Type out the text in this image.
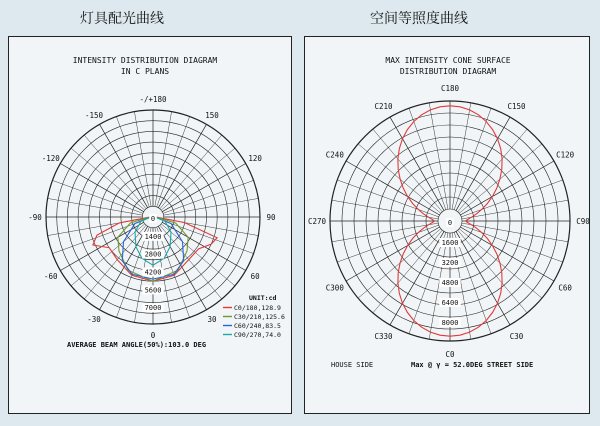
灯具配光曲线	空间等照度曲线
INTENSITY DISTRIBUTION DIAGRAM
IN C PLANS
-/+180
150
120
90
60
30
0
-30
-60
-90
-120
-150
0
1400
2800
4200
5600
7000
UNIT:cd
C0/180,128.9
C30/210,125.6
C60/240,83.5
C90/270,74.0
AVERAGE BEAM ANGLE(50%):103.0 DEG
MAX INTENSITY CONE SURFACE
DISTRIBUTION DIAGRAM
C180
C150
C120
C90
C60
C30
C0
C330
C300
C270
C240
C210
0
1600
3200
4800
6400
8000
HOUSE SIDE	Max @ γ = 52.0DEG STREET SIDE
